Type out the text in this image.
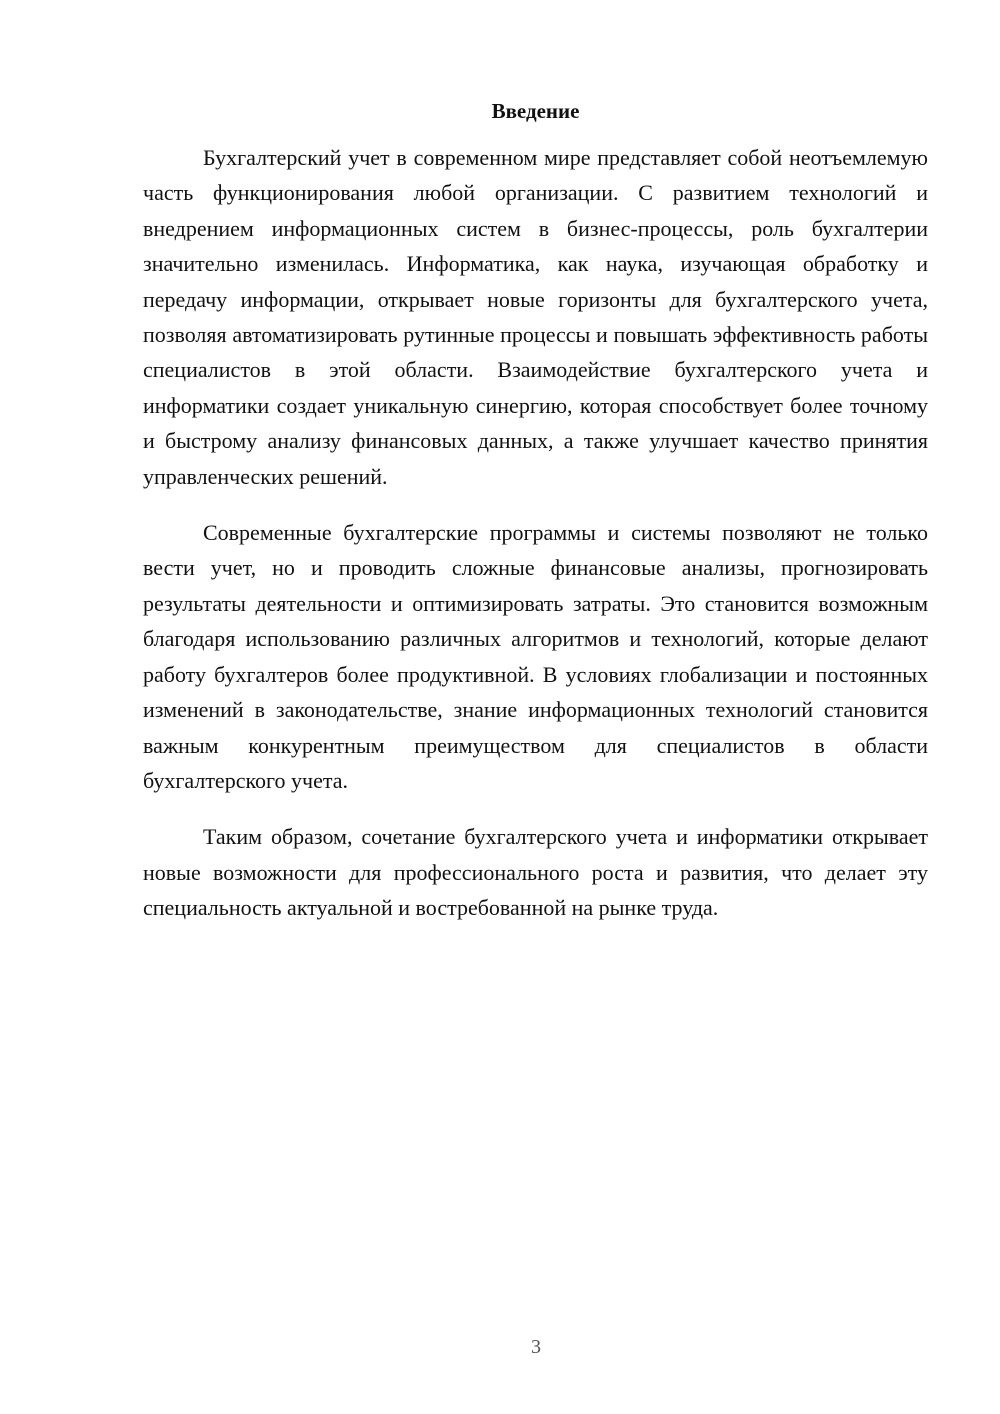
Введение

Бухгалтерский учет в современном мире представляет собой неотъемлемую часть функционирования любой организации. С развитием технологий и внедрением информационных систем в бизнес-процессы, роль бухгалтерии значительно изменилась. Информатика, как наука, изучающая обработку и передачу информации, открывает новые горизонты для бухгалтерского учета, позволяя автоматизировать рутинные процессы и повышать эффективность работы специалистов в этой области. Взаимодействие бухгалтерского учета и информатики создает уникальную синергию, которая способствует более точному и быстрому анализу финансовых данных, а также улучшает качество принятия управленческих решений.

Современные бухгалтерские программы и системы позволяют не только вести учет, но и проводить сложные финансовые анализы, прогнозировать результаты деятельности и оптимизировать затраты. Это становится возможным благодаря использованию различных алгоритмов и технологий, которые делают работу бухгалтеров более продуктивной. В условиях глобализации и постоянных изменений в законодательстве, знание информационных технологий становится важным конкурентным преимуществом для специалистов в области бухгалтерского учета.

Таким образом, сочетание бухгалтерского учета и информатики открывает новые возможности для профессионального роста и развития, что делает эту специальность актуальной и востребованной на рынке труда.

3
